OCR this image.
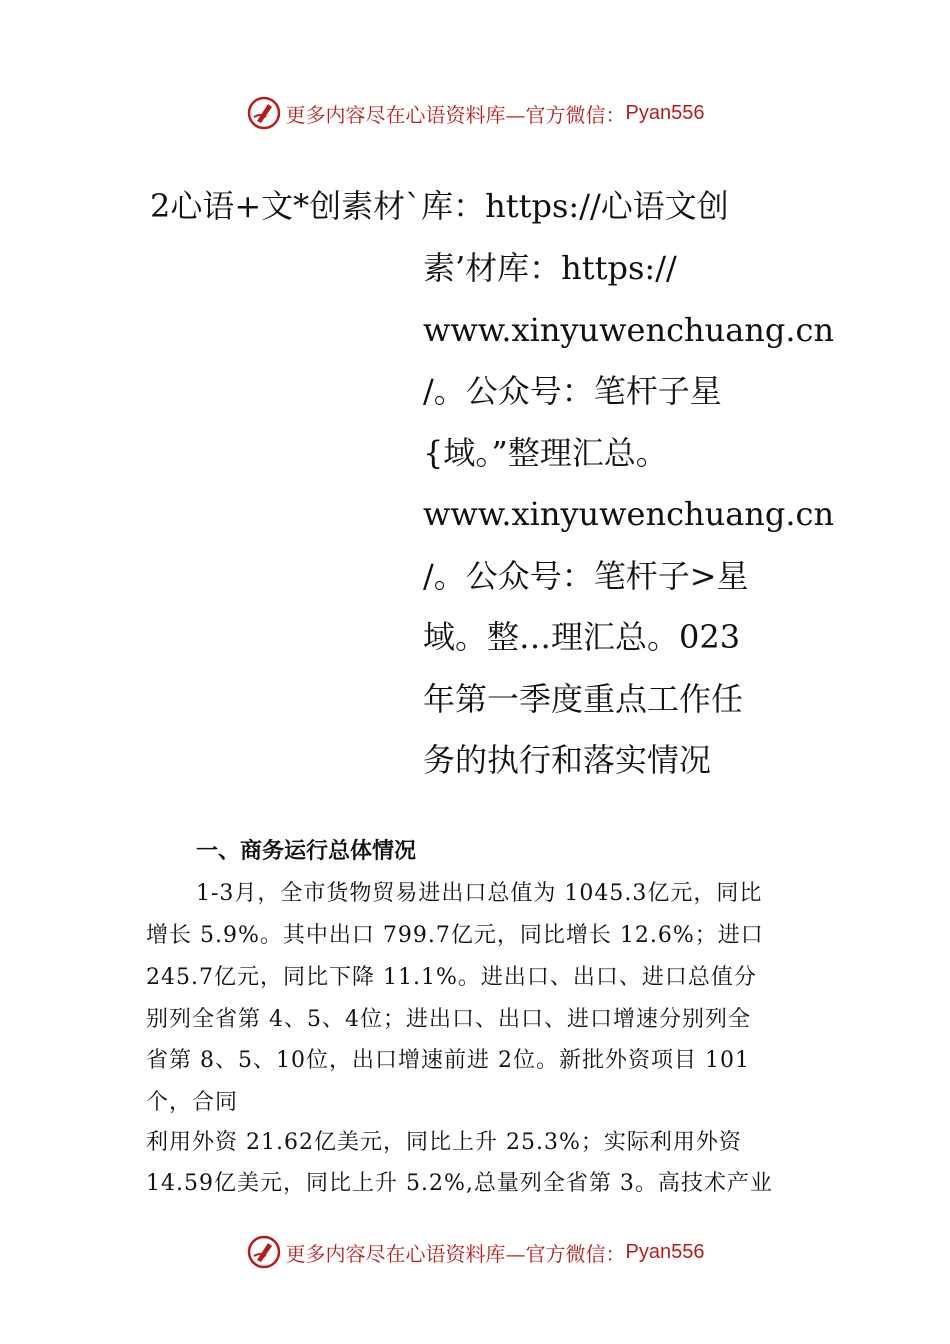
更多内容尽在心语资料库—官方微信： Pyan556
2心语+文*创素材`库：https://心语文创
素’材库：https://
www.xinyuwenchuang.cn
/。公众号：笔杆子星
{域。”整理汇总。
www.xinyuwenchuang.cn
/。公众号：笔杆子>星
域。整…理汇总。023
年第一季度重点工作任
务的执行和落实情况
一、商务运行总体情况
1-3月，全市货物贸易进出口总值为 1045.3亿元，同比
增长 5.9%。其中出口 799.7亿元，同比增长 12.6%；进口
245.7亿元，同比下降 11.1%。进出口、出口、进口总值分
别列全省第 4、5、4位；进出口、出口、进口增速分别列全
省第 8、5、10位，出口增速前进 2位。新批外资项目 101
个，合同
利用外资 21.62亿美元，同比上升 25.3%；实际利用外资
14.59亿美元，同比上升 5.2%,总量列全省第 3。高技术产业
更多内容尽在心语资料库—官方微信： Pyan556
